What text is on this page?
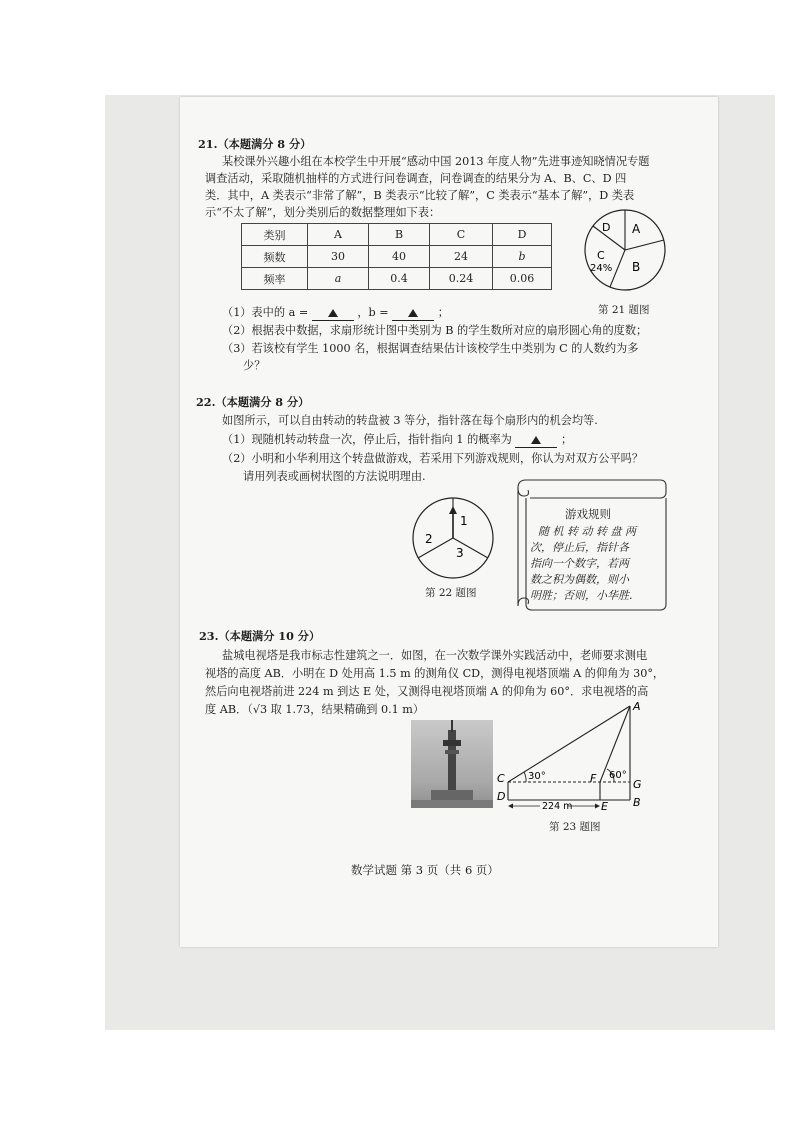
21.（本题满分 8 分）
某校课外兴趣小组在本校学生中开展“感动中国 2013 年度人物”先进事迹知晓情况专题
调查活动，采取随机抽样的方式进行问卷调查，问卷调查的结果分为 A、B、C、D 四
类．其中，A 类表示“非常了解”，B 类表示“比较了解”，C 类表示“基本了解”，D 类表
示“不太了解”，划分类别后的数据整理如下表：
类别	A	B	C	D
频数	30	40	24	b
频率	a	0.4	0.24	0.06
A
B
C
24%
D
第 21 题图
（1）表中的 a =	，b =	；
（2）根据表中数据，求扇形统计图中类别为 B 的学生数所对应的扇形圆心角的度数；
（3）若该校有学生 1000 名，根据调查结果估计该校学生中类别为 C 的人数约为多
少？
22.（本题满分 8 分）
如图所示，可以自由转动的转盘被 3 等分，指针落在每个扇形内的机会均等.
（1）现随机转动转盘一次，停止后，指针指向 1 的概率为	；
（2）小明和小华利用这个转盘做游戏，若采用下列游戏规则，你认为对双方公平吗？
请用列表或画树状图的方法说明理由.
1
2
3
第 22 题图
游戏规则
随 机 转 动 转 盘 两
次，停止后，指针各
指向一个数字，若两
数之积为偶数，则小
明胜；否则，小华胜.
23.（本题满分 10 分）
盐城电视塔是我市标志性建筑之一．如图，在一次数学课外实践活动中，老师要求测电
视塔的高度 AB．小明在 D 处用高 1.5 m 的测角仪 CD，测得电视塔顶端 A 的仰角为 30°，
然后向电视塔前进 224 m 到达 E 处，又测得电视塔顶端 A 的仰角为 60°．求电视塔的高
度 AB．（√3 取 1.73，结果精确到 0.1 m）	A
C	F	G
D
E B
30°	60°
224 m
第 23 题图
数学试题 第 3 页（共 6 页）
